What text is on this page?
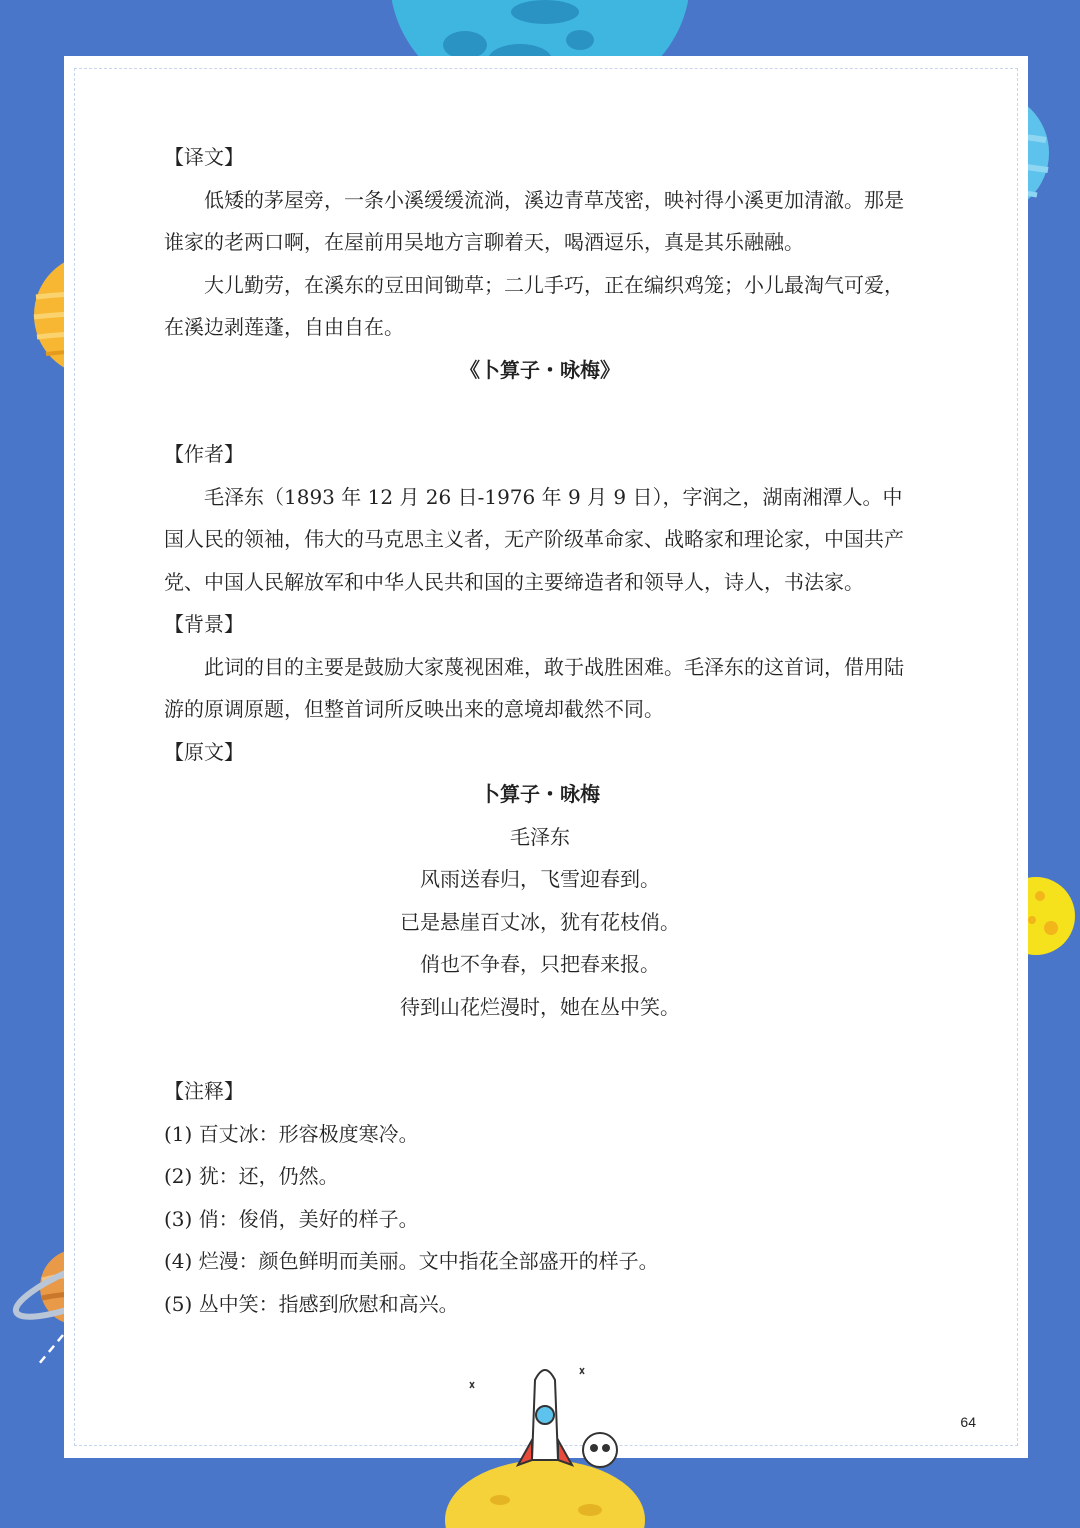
【译文】

低矮的茅屋旁，一条小溪缓缓流淌，溪边青草茂密，映衬得小溪更加清澈。那是谁家的老两口啊，在屋前用吴地方言聊着天，喝酒逗乐，真是其乐融融。

大儿勤劳，在溪东的豆田间锄草；二儿手巧，正在编织鸡笼；小儿最淘气可爱，在溪边剥莲蓬，自由自在。

《卜算子・咏梅》

【作者】

毛泽东（1893 年 12 月 26 日-1976 年 9 月 9 日），字润之，湖南湘潭人。中国人民的领袖，伟大的马克思主义者，无产阶级革命家、战略家和理论家，中国共产党、中国人民解放军和中华人民共和国的主要缔造者和领导人，诗人，书法家。

【背景】

此词的目的主要是鼓励大家蔑视困难，敢于战胜困难。毛泽东的这首词，借用陆游的原调原题，但整首词所反映出来的意境却截然不同。

【原文】

卜算子・咏梅

毛泽东

风雨送春归，飞雪迎春到。

已是悬崖百丈冰，犹有花枝俏。

俏也不争春，只把春来报。

待到山花烂漫时，她在丛中笑。

【注释】

(1) 百丈冰：形容极度寒冷。

(2) 犹：还，仍然。

(3) 俏：俊俏，美好的样子。

(4) 烂漫：颜色鲜明而美丽。文中指花全部盛开的样子。

(5) 丛中笑：指感到欣慰和高兴。

64
